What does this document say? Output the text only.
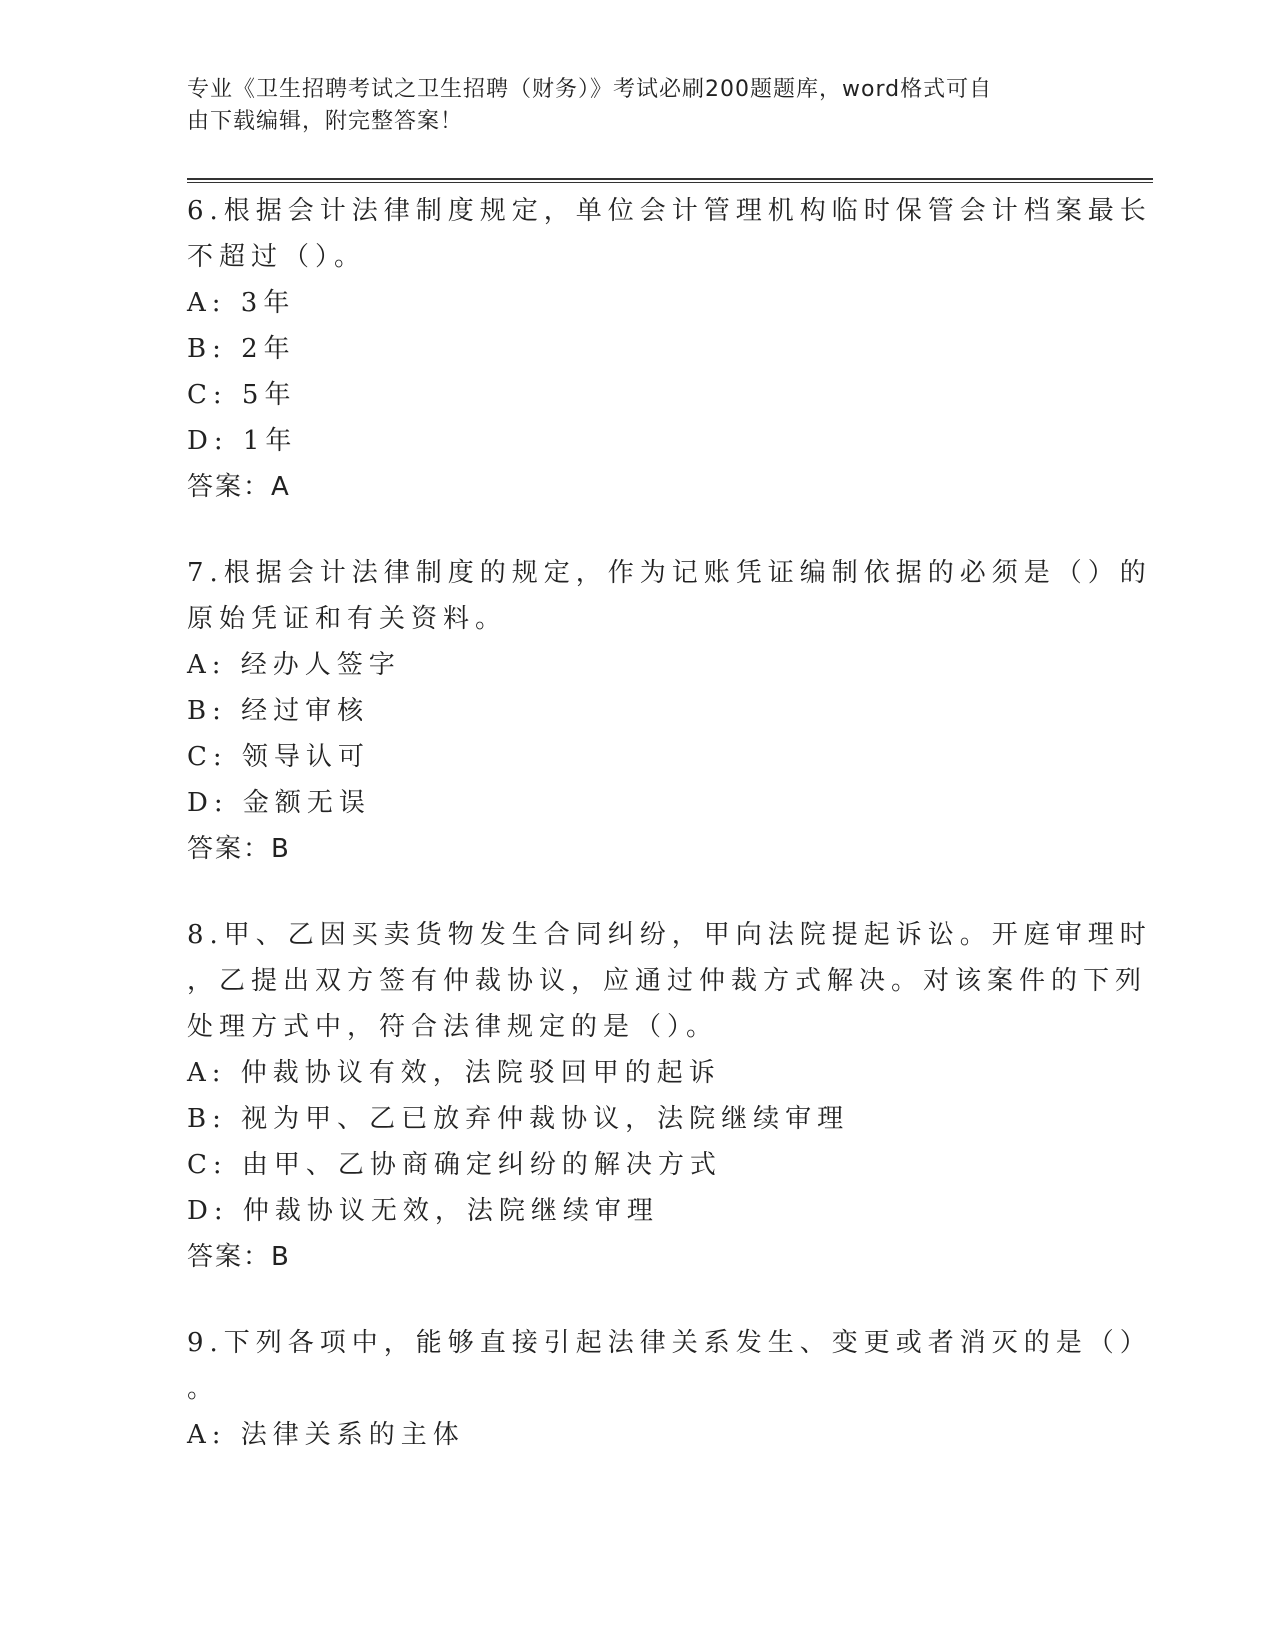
专业《卫生招聘考试之卫生招聘（财务）》考试必刷200题题库，word格式可自
由下载编辑，附完整答案！
6.根据会计法律制度规定，单位会计管理机构临时保管会计档案最长
不超过（）。
A: 3年
B: 2年
C: 5年
D: 1年
答案：A
7.根据会计法律制度的规定，作为记账凭证编制依据的必须是（）的
原始凭证和有关资料。
A: 经办人签字
B: 经过审核
C: 领导认可
D: 金额无误
答案：B
8.甲、乙因买卖货物发生合同纠纷，甲向法院提起诉讼。开庭审理时
，乙提出双方签有仲裁协议，应通过仲裁方式解决。对该案件的下列
处理方式中，符合法律规定的是（）。
A: 仲裁协议有效，法院驳回甲的起诉
B: 视为甲、乙已放弃仲裁协议，法院继续审理
C: 由甲、乙协商确定纠纷的解决方式
D: 仲裁协议无效，法院继续审理
答案：B
9.下列各项中，能够直接引起法律关系发生、变更或者消灭的是（）
。
A: 法律关系的主体
